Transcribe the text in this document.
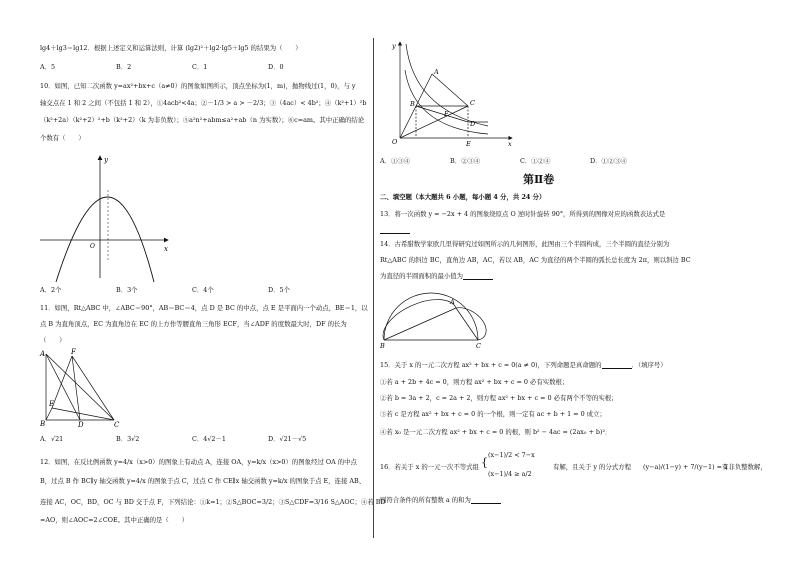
lg4＋lg3＝lg12．根据上述定义和运算法则，计算 (lg2)²＋lg2·lg5＋lg5 的结果为（　　）
A．5	B．2	C．1	D．0
10．如图，已知二次函数 y=ax²+bx+c（a≠0）的图象如图所示，顶点坐标为(1，m)，抛物线过(1，0)，与 y
轴交点在 1 和 2 之间（不包括 1 和 2），①4acb²<4a；②－1/3 > a > －2/3；③（4ac）< 4b²；④（k²+1）²b
（k²+2a）（k²+2）²+b（k²+2）（k 为非负数）；⑤a²n²+abm≤a²+ab（n 为实数）；⑥c=am。其中正确的结论
个数有（　　）
x
y
O
A．2个	B．3个	C．4个	D．5个
11．如图，Rt△ABC 中，∠ABC＝90°，AB＝BC＝4，点 D 是 BC 的中点，点 E 是平面内一个动点，BE＝1，以
点 B 为直角顶点，EC 为直角边在 EC 的上方作等腰直角三角形 ECF，当∠ADF 的度数最大时，DF 的长为
（　　）
A	F
E
B	D	C
A．√21	B．3√2	C．4√2－1	D．√21－√5
12．如图，在反比例函数 y=4/x（x>0）的图象上有动点 A，连接 OA，y=k/x（x>0）的图象经过 OA 的中点
B，过点 B 作 BC∥y 轴交函数 y=4/x 的图象于点 C，过点 C 作 CE∥x 轴交函数 y=k/x 的图象于点 E，连接 AB、
连接 AC，OC，BD，OC 与 BD 交于点 F，下列结论：①k=1；②S△BOC=3/2；③S△CDF=3/16 S△AOC；④若 BD
=AO，则∠AOC=2∠COE。其中正确的是（　　）
y
A
B	C
F
D
O	E	x
A．①③④	B．②③④	C．①②④	D．①②③④
第Ⅱ卷
二、填空题（本大题共 6 小题，每小题 4 分，共 24 分）
13．将一次函数 y = −2x + 4 的图象绕原点 O 逆时针旋转 90°，所得到的图像对应的函数表达式是
14．古希腊数学家欧几里得研究过如图所示的几何图形，此图由三个半圆构成，三个半圆的直径分别为
Rt△ABC 的斜边 BC，直角边 AB，AC，若以 AB，AC 为直径的两个半圆的弧长总长度为 2π，则以斜边 BC
为直径的半圆面积的最小值为
A
B	C
15．关于 x 的一元二次方程 ax² + bx + c = 0(a ≠ 0)，下列命题是真命题的	．（填序号）
①若 a + 2b + 4c = 0，则方程 ax² + bx + c = 0 必有实数根；
②若 b = 3a + 2，c = 2a + 2，则方程 ax² + bx + c = 0 必有两个不等的实根；
③若 c 是方程 ax² + bx + c = 0 的一个根，则一定有 ac + b + 1 = 0 成立；
④若 x₀ 是一元二次方程 ax² + bx + c = 0 的根，则 b² − 4ac = (2ax₀ + b)²．
16．若关于 x 的一元一次不等式组 {
(x−1)/2 < 7−x
(x−1)/4 ≥ a/2
有解，且关于 y 的分式方程 (y−a)/(1−y) + 7/(y−1) = 1
有非负整数解，
则符合条件的所有整数 a 的和为
